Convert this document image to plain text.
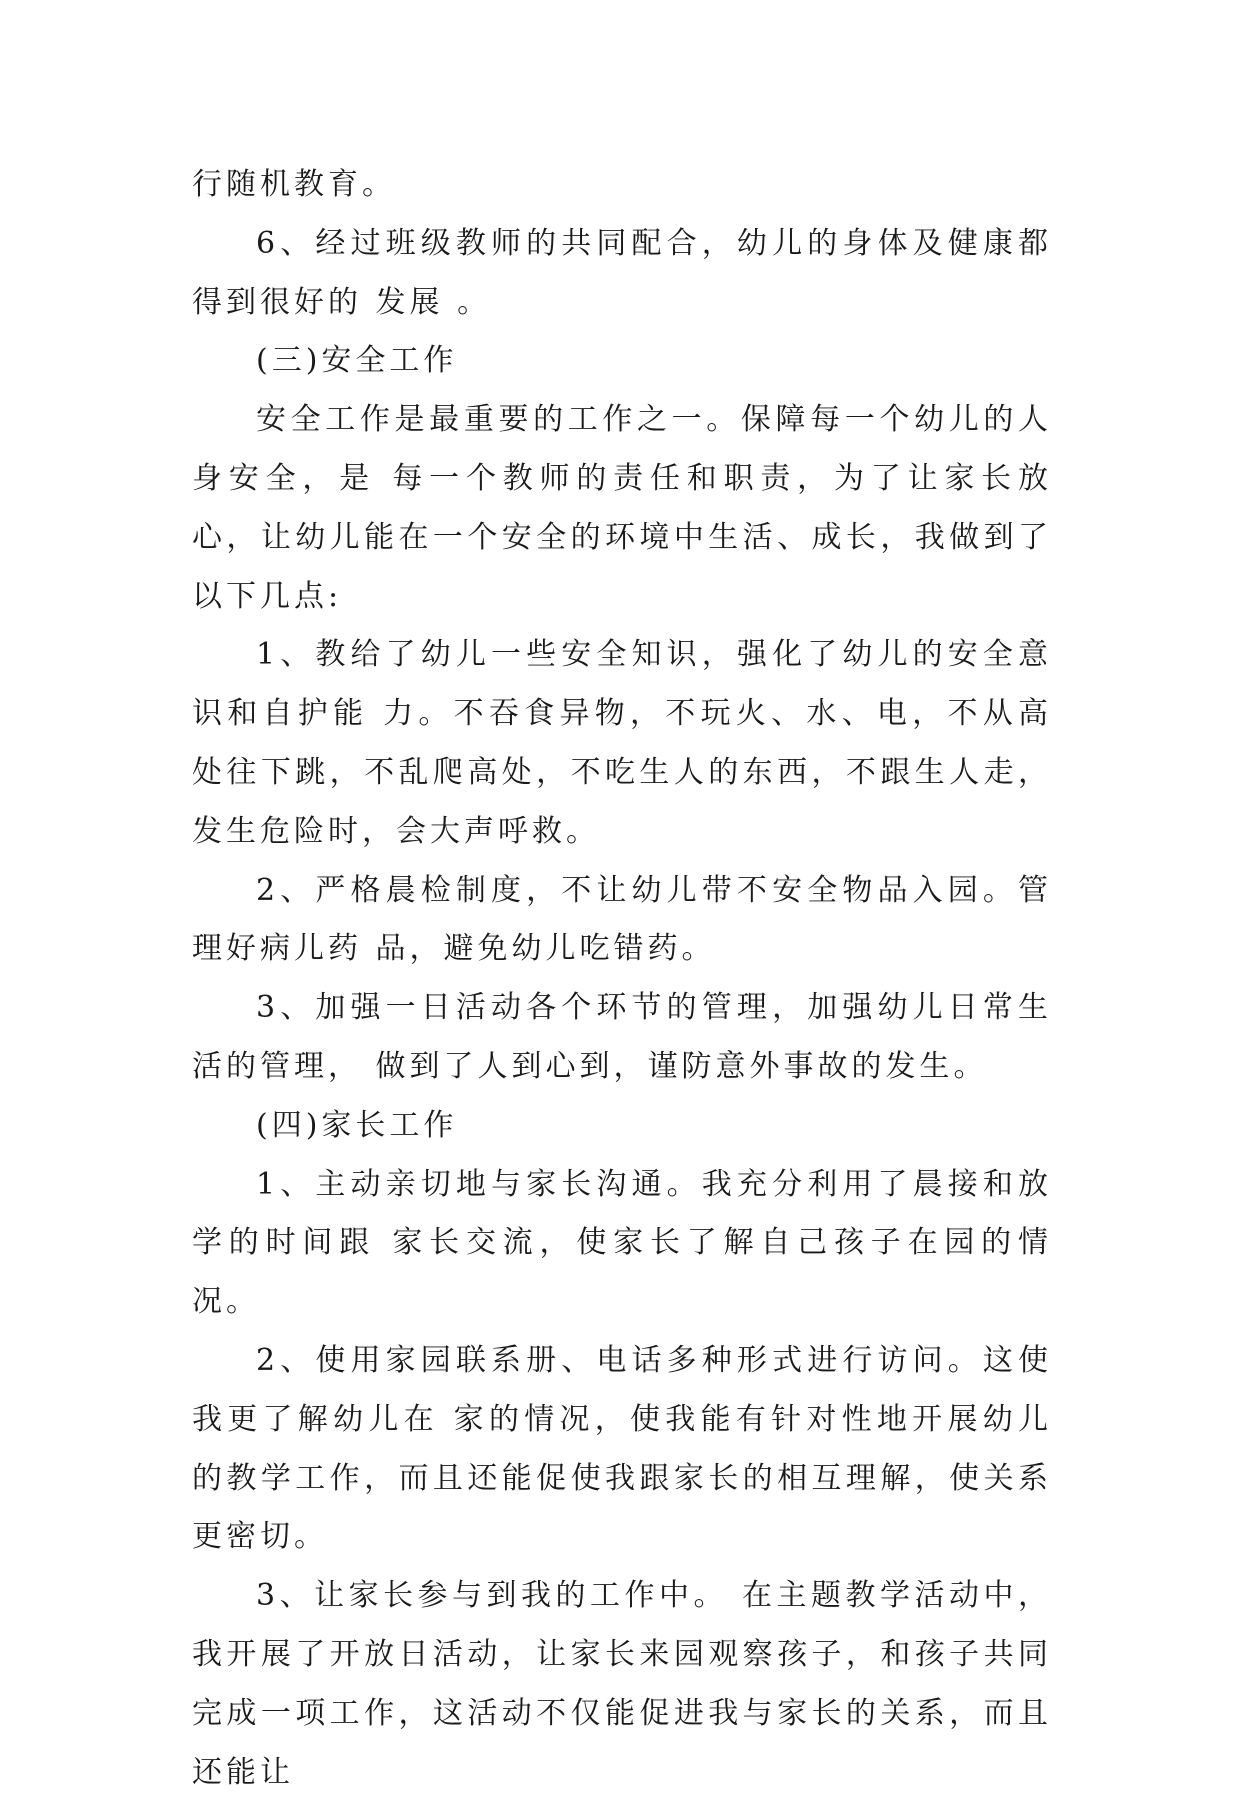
行随机教育。

6、经过班级教师的共同配合，幼儿的身体及健康都得到很好的 发展 。

(三)安全工作

安全工作是最重要的工作之一。保障每一个幼儿的人身安全，是 每一个教师的责任和职责，为了让家长放心，让幼儿能在一个安全的环境中生活、成长，我做到了以下几点:

1、教给了幼儿一些安全知识，强化了幼儿的安全意识和自护能 力。不吞食异物，不玩火、水、电，不从高处往下跳，不乱爬高处，不吃生人的东西，不跟生人走，发生危险时，会大声呼救。

2、严格晨检制度，不让幼儿带不安全物品入园。管理好病儿药 品，避免幼儿吃错药。

3、加强一日活动各个环节的管理，加强幼儿日常生活的管理， 做到了人到心到，谨防意外事故的发生。

(四)家长工作

1、主动亲切地与家长沟通。我充分利用了晨接和放学的时间跟 家长交流，使家长了解自己孩子在园的情况。

2、使用家园联系册、电话多种形式进行访问。这使我更了解幼儿在 家的情况，使我能有针对性地开展幼儿的教学工作，而且还能促使我跟家长的相互理解，使关系更密切。

3、让家长参与到我的工作中。 在主题教学活动中，我开展了开放日活动，让家长来园观察孩子，和孩子共同完成一项工作，这活动不仅能促进我与家长的关系，而且还能让
